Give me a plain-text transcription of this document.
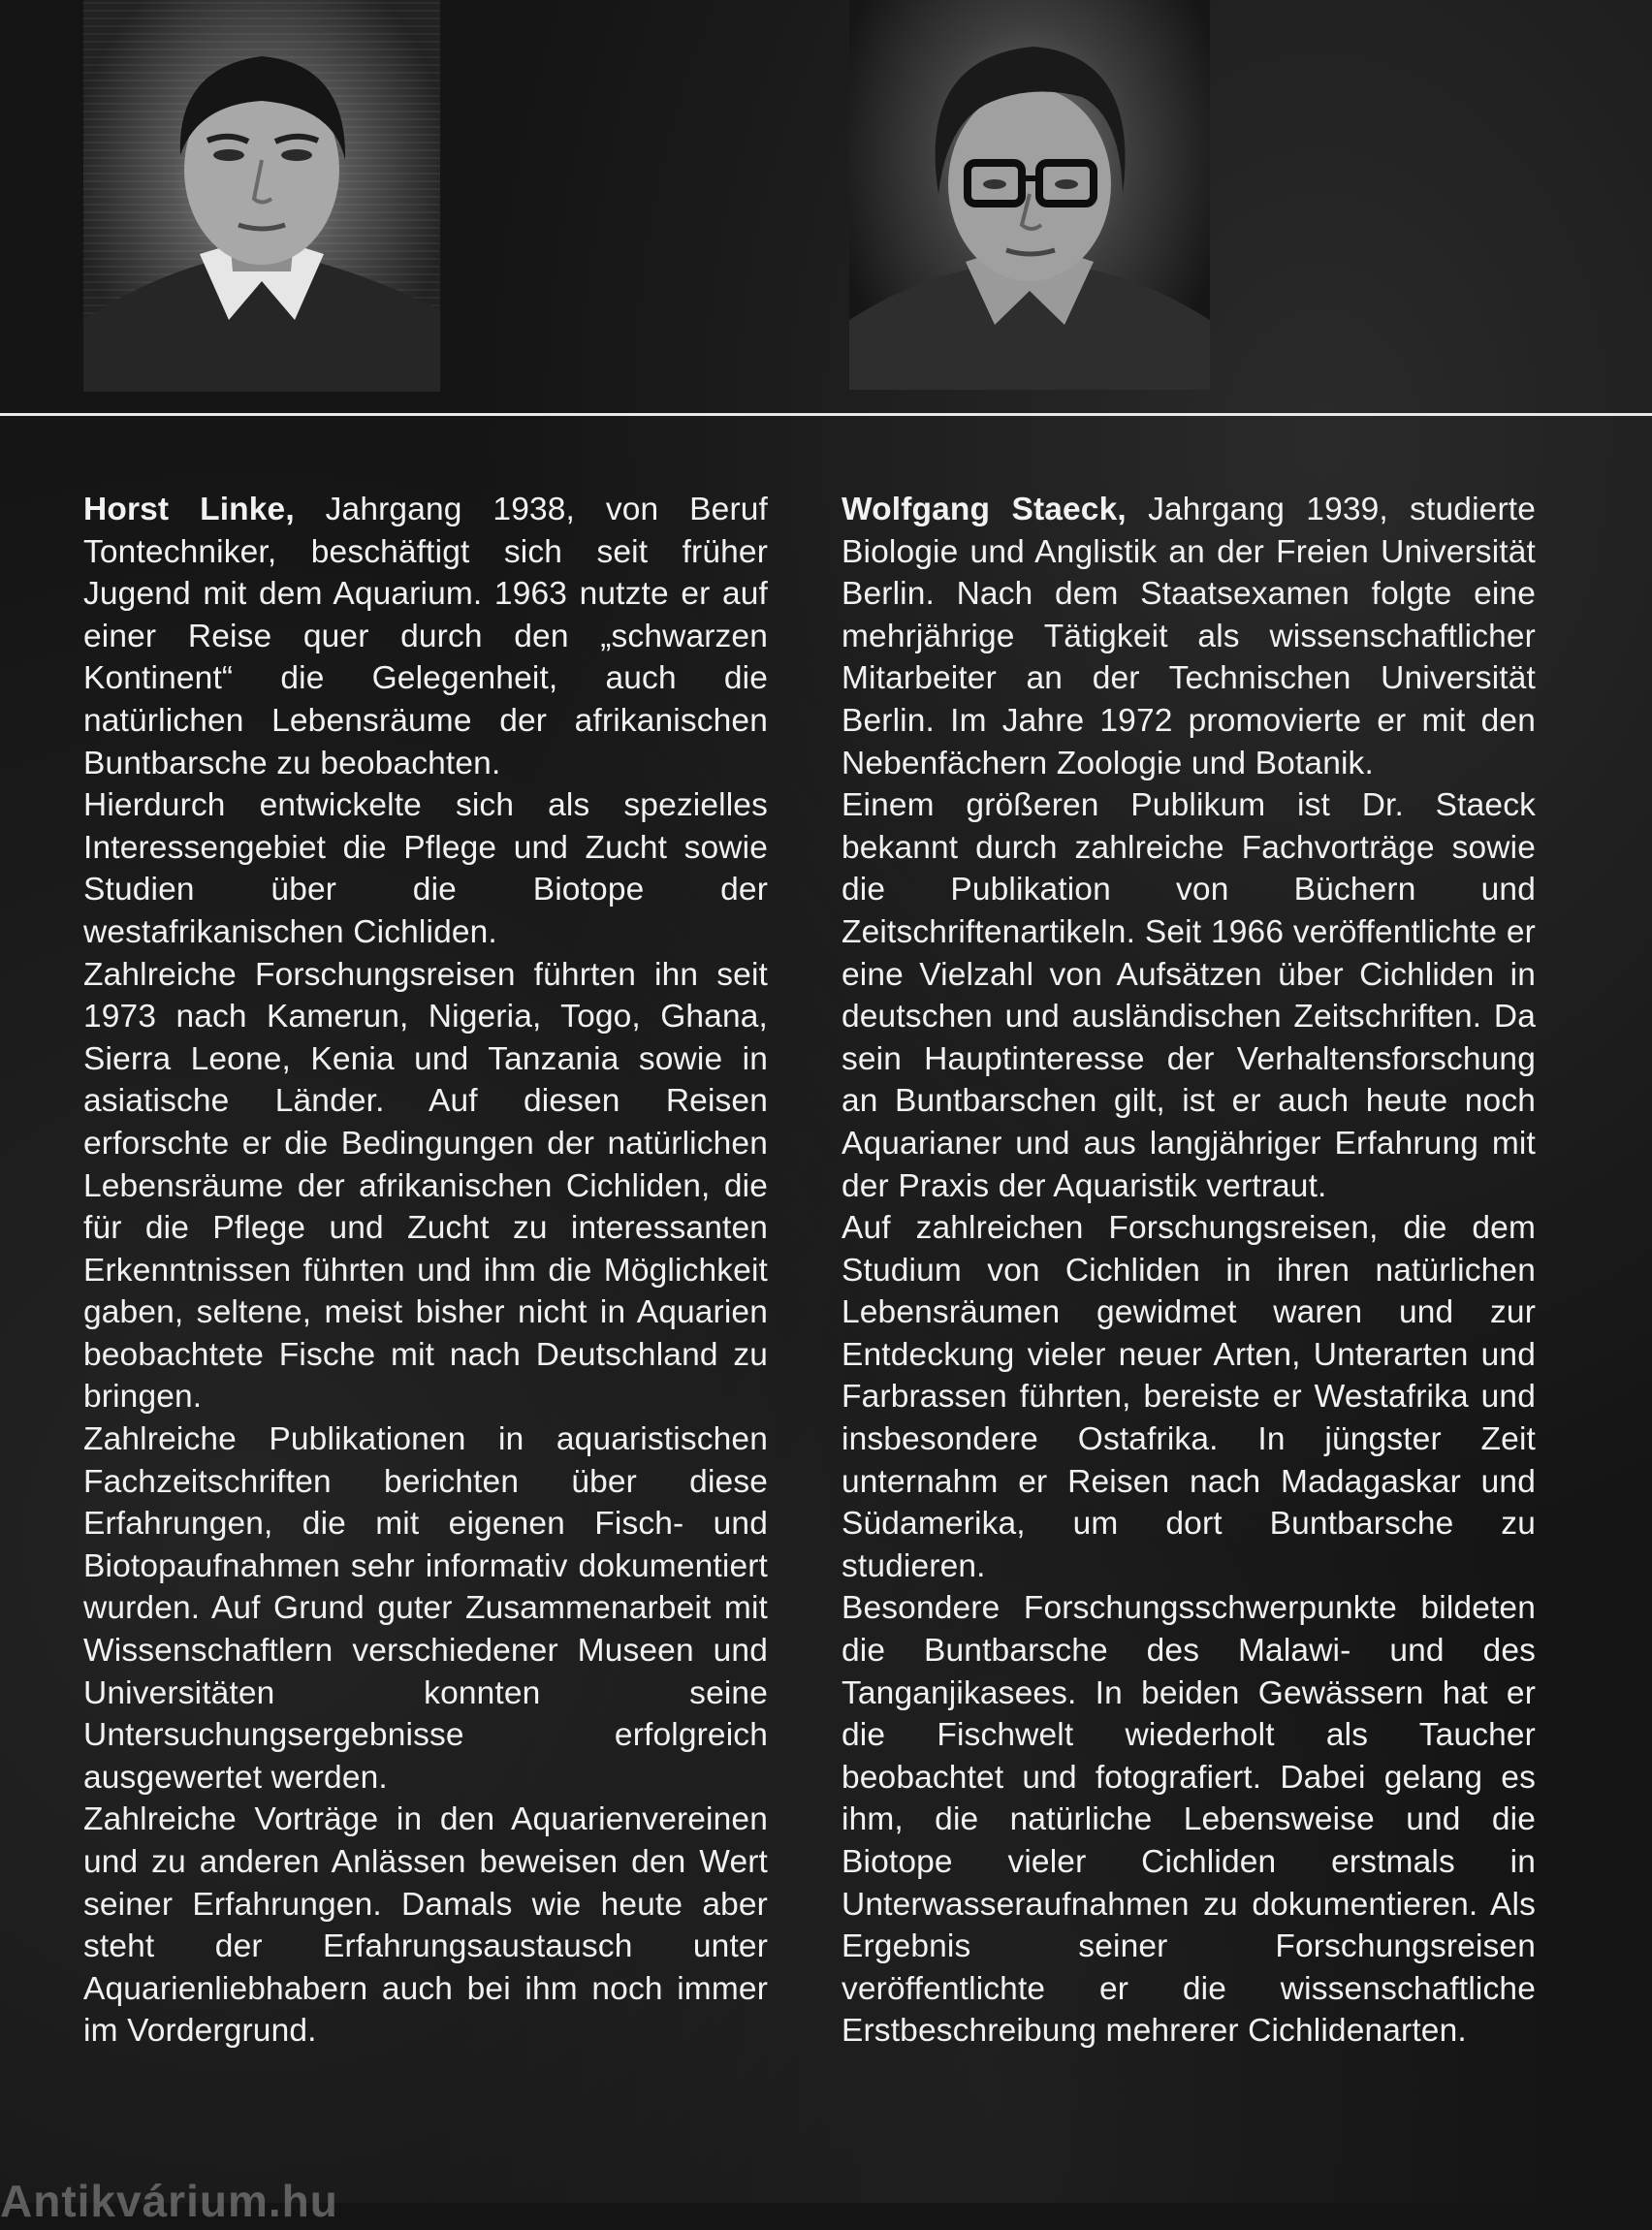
Horst Linke, Jahrgang 1938, von Beruf Tontechniker, beschäftigt sich seit früher Jugend mit dem Aquarium. 1963 nutzte er auf einer Reise quer durch den „schwarzen Kontinent“ die Gelegenheit, auch die natürlichen Lebensräume der afrikanischen Buntbarsche zu beobachten.

Hierdurch entwickelte sich als spezielles Interessengebiet die Pflege und Zucht sowie Studien über die Biotope der westafrikanischen Cichliden.

Zahlreiche Forschungsreisen führten ihn seit 1973 nach Kamerun, Nigeria, Togo, Ghana, Sierra Leone, Kenia und Tanzania sowie in asiatische Länder. Auf diesen Reisen erforschte er die Bedingungen der natürlichen Lebensräume der afrikanischen Cichliden, die für die Pflege und Zucht zu interessanten Erkenntnissen führten und ihm die Möglichkeit gaben, seltene, meist bisher nicht in Aquarien beobachtete Fische mit nach Deutschland zu bringen.

Zahlreiche Publikationen in aquaristischen Fachzeitschriften berichten über diese Erfahrungen, die mit eigenen Fisch- und Biotopaufnahmen sehr informativ dokumentiert wurden. Auf Grund guter Zusammenarbeit mit Wissenschaftlern verschiedener Museen und Universitäten konnten seine Untersuchungsergebnisse erfolgreich ausgewertet werden.

Zahlreiche Vorträge in den Aquarienvereinen und zu anderen Anlässen beweisen den Wert seiner Erfahrungen. Damals wie heute aber steht der Erfahrungsaustausch unter Aquarienliebhabern auch bei ihm noch immer im Vordergrund.

Wolfgang Staeck, Jahrgang 1939, studierte Biologie und Anglistik an der Freien Universität Berlin. Nach dem Staatsexamen folgte eine mehrjährige Tätigkeit als wissenschaftlicher Mitarbeiter an der Technischen Universität Berlin. Im Jahre 1972 promovierte er mit den Nebenfächern Zoologie und Botanik.

Einem größeren Publikum ist Dr. Staeck bekannt durch zahlreiche Fachvorträge sowie die Publikation von Büchern und Zeitschriftenartikeln. Seit 1966 veröffentlichte er eine Vielzahl von Aufsätzen über Cichliden in deutschen und ausländischen Zeitschriften. Da sein Hauptinteresse der Verhaltensforschung an Buntbarschen gilt, ist er auch heute noch Aquarianer und aus langjähriger Erfahrung mit der Praxis der Aquaristik vertraut.

Auf zahlreichen Forschungsreisen, die dem Studium von Cichliden in ihren natürlichen Lebensräumen gewidmet waren und zur Entdeckung vieler neuer Arten, Unterarten und Farbrassen führten, bereiste er Westafrika und insbesondere Ostafrika. In jüngster Zeit unternahm er Reisen nach Madagaskar und Südamerika, um dort Buntbarsche zu studieren.

Besondere Forschungsschwerpunkte bildeten die Buntbarsche des Malawi- und des Tanganjikasees. In beiden Gewässern hat er die Fischwelt wiederholt als Taucher beobachtet und fotografiert. Dabei gelang es ihm, die natürliche Lebensweise und die Biotope vieler Cichliden erstmals in Unterwasseraufnahmen zu dokumentieren. Als Ergebnis seiner Forschungsreisen veröffentlichte er die wissenschaftliche Erstbeschreibung mehrerer Cichlidenarten.

Antikvárium.hu
